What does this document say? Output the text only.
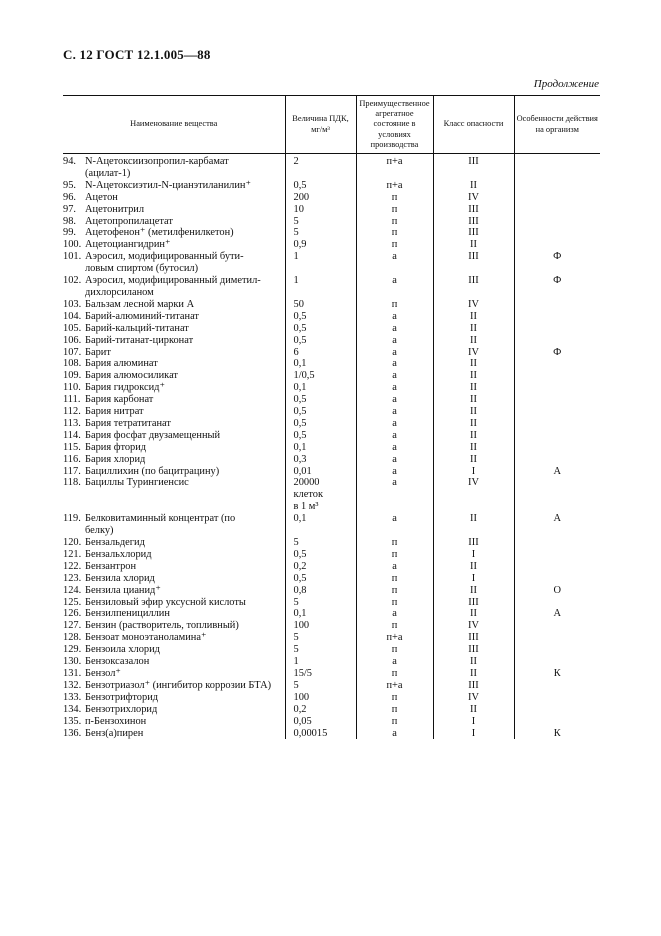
С. 12 ГОСТ 12.1.005—88
Продолжение
Наименование вещества	Величина ПДК, мг/м³	Преимущественное агрегатное состояние в условиях производства	Класс опасности	Особенности действия на организм

94. N-Ацетоксиизопропил-карбамат
(ацилат-1)	2	п+а	III	

95. N-Ацетоксиэтил-N-цианэтиланилин⁺	0,5	п+а	II	

96. Ацетон	200	п	IV	

97. Ацетонитрил	10	п	III	

98. Ацетопропилацетат	5	п	III	

99. Ацетофенон⁺ (метилфенилкетон)	5	п	III	

100. Ацетоциангидрин⁺	0,9	п	II	

101. Аэросил, модифицированный бути-
ловым спиртом (бутосил)	1	а	III	Ф

102. Аэросил, модифицированный диметил-
дихлорсиланом	1	а	III	Ф

103. Бальзам лесной марки А	50	п	IV	

104. Барий-алюминий-титанат	0,5	а	II	

105. Барий-кальций-титанат	0,5	а	II	

106. Барий-титанат-цирконат	0,5	а	II	

107. Барит	6	а	IV	Ф

108. Бария алюминат	0,1	а	II	

109. Бария алюмосиликат	1/0,5	а	II	

110. Бария гидроксид⁺	0,1	а	II	

111. Бария карбонат	0,5	а	II	

112. Бария нитрат	0,5	а	II	

113. Бария тетратитанат	0,5	а	II	

114. Бария фосфат двузамещенный	0,5	а	II	

115. Бария фторид	0,1	а	II	

116. Бария хлорид	0,3	а	II	

117. Бациллихин (по бацитрацину)	0,01	а	I	А

118. Бациллы Турингиенсис	20000
клеток
в 1 м³	а	IV	

119. Белковитаминный концентрат (по
белку)	0,1	а	II	А

120. Бензальдегид	5	п	III	

121. Бензальхлорид	0,5	п	I	

122. Бензантрон	0,2	а	II	

123. Бензила хлорид	0,5	п	I	

124. Бензила цианид⁺	0,8	п	II	О

125. Бензиловый эфир уксусной кислоты	5	п	III	

126. Бензилпенициллин	0,1	а	II	А

127. Бензин (растворитель, топливный)	100	п	IV	

128. Бензоат моноэтаноламина⁺	5	п+а	III	

129. Бензоила хлорид	5	п	III	

130. Бензоксазалон	1	а	II	

131. Бензол⁺	15/5	п	II	К

132. Бензотриазол⁺ (ингибитор коррозии БТА)	5	п+а	III	

133. Бензотрифторид	100	п	IV	

134. Бензотрихлорид	0,2	п	II	

135. п-Бензохинон	0,05	п	I	

136. Бенз(а)пирен	0,00015	а	I	К
